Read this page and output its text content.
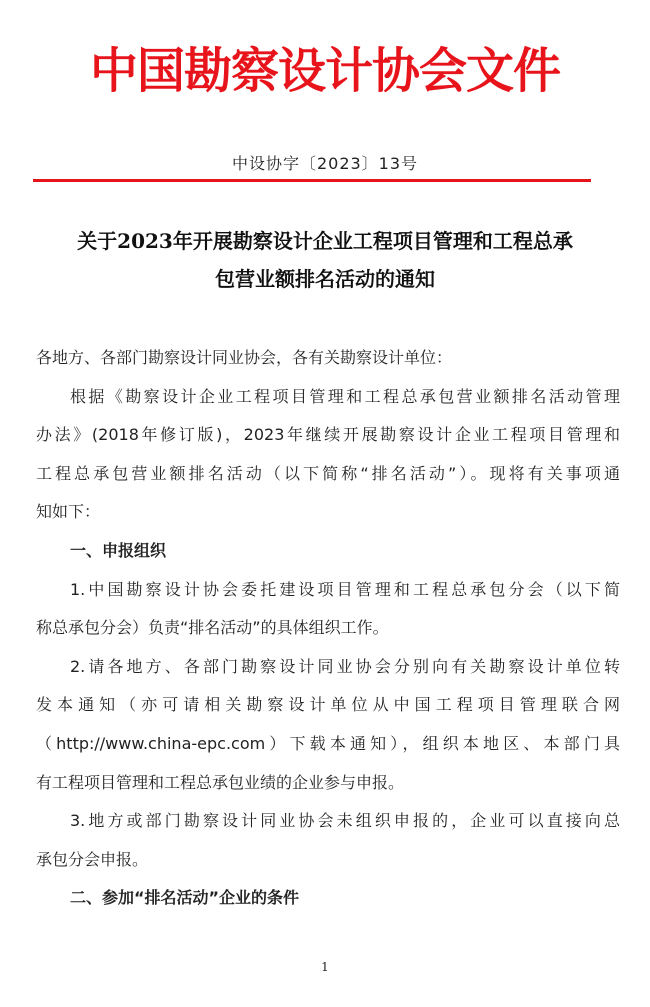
中国勘察设计协会文件
中设协字〔2023〕13号
关于2023年开展勘察设计企业工程项目管理和工程总承
包营业额排名活动的通知

各地方、各部门勘察设计同业协会，各有关勘察设计单位：

根据《勘察设计企业工程项目管理和工程总承包营业额排名活动管理
办法》(2018年修订版)，2023年继续开展勘察设计企业工程项目管理和
工程总承包营业额排名活动（以下简称“排名活动”）。现将有关事项通
知如下：

一、申报组织

1.中国勘察设计协会委托建设项目管理和工程总承包分会（以下简
称总承包分会）负责“排名活动”的具体组织工作。

2.请各地方、各部门勘察设计同业协会分别向有关勘察设计单位转
发本通知（亦可请相关勘察设计单位从中国工程项目管理联合网
（http://www.china-epc.com）下载本通知），组织本地区、本部门具
有工程项目管理和工程总承包业绩的企业参与申报。

3.地方或部门勘察设计同业协会未组织申报的，企业可以直接向总
承包分会申报。

二、参加“排名活动”企业的条件

1
